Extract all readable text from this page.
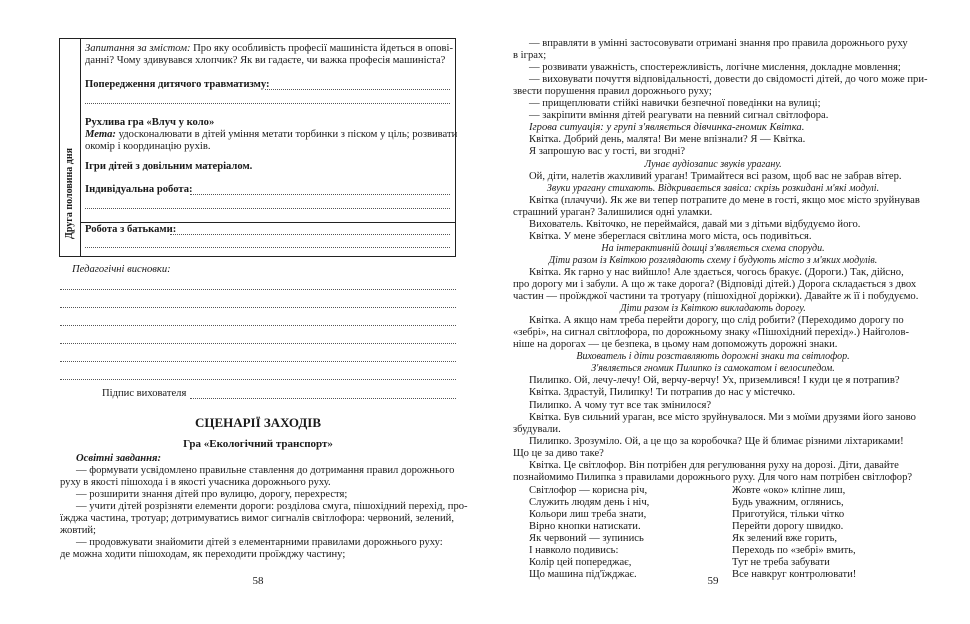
Друга половина дня
Запитання за змістом: Про яку особливість професії машиніста йдеться в опові-
данні? Чому здивувався хлопчик? Як ви гадаєте, чи важка професія машиніста?
Попередження дитячого травматизму:
Рухлива гра «Влуч у коло»
Мета: удосконалювати в дітей уміння метати торбинки з піском у ціль; розвивати
окомір і координацію рухів.
Ігри дітей з довільним матеріалом.
Індивідуальна робота:
Робота з батьками:
Педагогічні висновки:
Підпис вихователя
СЦЕНАРІЇ ЗАХОДІВ
Гра «Екологічний транспорт»
Освітні завдання:
— формувати усвідомлено правильне ставлення до дотримання правил дорожнього
руху в якості пішохода і в якості учасника дорожнього руху.
— розширити знання дітей про вулицю, дорогу, перехрестя;
— учити дітей розрізняти елементи дороги: розділова смуга, пішохідний перехід, про-
їжджа частина, тротуар; дотримуватись вимог сигналів світлофора: червоний, зелений,
жовтий;
— продовжувати знайомити дітей з елементарними правилами дорожнього руху:
де можна ходити пішоходам, як переходити проїжджу частину;
58
— вправляти в умінні застосовувати отримані знання про правила дорожнього руху
в іграх;
— розвивати уважність, спостережливість, логічне мислення, докладне мовлення;
— виховувати почуття відповідальності, довести до свідомості дітей, до чого може при-
звести порушення правил дорожнього руху;
— прищеплювати стійкі навички безпечної поведінки на вулиці;
— закріпити вміння дітей реагувати на певний сигнал світлофора.
Ігрова ситуація: у групі з'являється дівчинка-гномик Квітка.
Квітка. Добрий день, малята! Ви мене впізнали? Я — Квітка.
Я запрошую вас у гості, ви згодні?
Лунає аудіозапис звуків урагану.
Ой, діти, налетів жахливий ураган! Тримайтеся всі разом, щоб вас не забрав вітер.
Звуки урагану стихають. Відкривається завіса: скрізь розкидані м'які модулі.
Квітка (плачучи). Як же ви тепер потрапите до мене в гості, якщо моє місто зруйнував
страшний ураган? Залишилися одні уламки.
Вихователь. Квіточко, не переймайся, давай ми з дітьми відбудуємо його.
Квітка. У мене збереглася світлина мого міста, ось подивіться.
На інтерактивній дошці з'являється схема споруди.
Діти разом із Квіткою розглядають схему і будують місто з м'яких модулів.
Квітка. Як гарно у нас вийшло! Але здається, чогось бракує. (Дороги.) Так, дійсно,
про дорогу ми і забули. А що ж таке дорога? (Відповіді дітей.) Дорога складається з двох
частин — проїжджої частини та тротуару (пішохідної доріжки). Давайте ж її і побудуємо.
Діти разом із Квіткою викладають дорогу.
Квітка. А якщо нам треба перейти дорогу, що слід робити? (Переходимо дорогу по
«зебрі», на сигнал світлофора, по дорожньому знаку «Пішохідний перехід».) Найголов-
ніше на дорогах — це безпека, в цьому нам допоможуть дорожні знаки.
Вихователь і діти розставляють дорожні знаки та світлофор.
З'являється гномик Пилипко із самокатом і велосипедом.
Пилипко. Ой, лечу-лечу! Ой, верчу-верчу! Ух, приземлився! І куди це я потрапив?
Квітка. Здрастуй, Пилипку! Ти потрапив до нас у містечко.
Пилипко. А чому тут все так змінилося?
Квітка. Був сильний ураган, все місто зруйнувалося. Ми з моїми друзями його заново
збудували.
Пилипко. Зрозуміло. Ой, а це що за коробочка? Ще й блимає різними ліхтариками!
Що це за диво таке?
Квітка. Це світлофор. Він потрібен для регулювання руху на дорозі. Діти, давайте
познайомимо Пилипка з правилами дорожнього руху. Для чого нам потрібен світлофор?
Світлофор — корисна річ,
Служить людям день і ніч,
Кольори лиш треба знати,
Вірно кнопки натискати.
Як червоний — зупинись
І навколо подивись:
Колір цей попереджає,
Що машина під'їжджає.
Жовте «око» кліпне лиш,
Будь уважним, оглянись,
Приготуйся, тільки чітко
Перейти дорогу швидко.
Як зелений вже горить,
Переходь по «зебрі» вмить,
Тут не треба забувати
Все навкруг контролювати!
59
